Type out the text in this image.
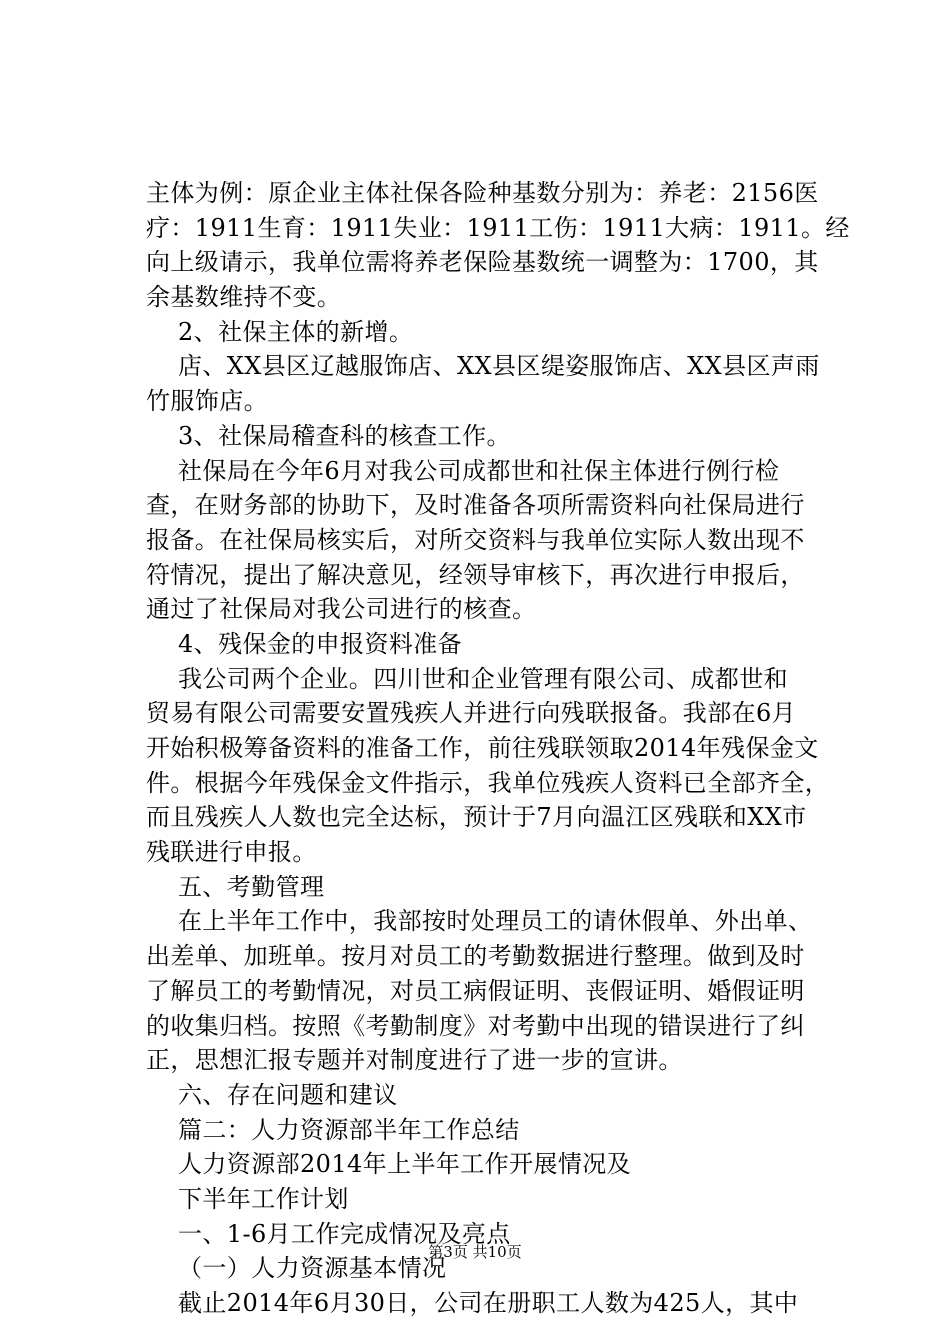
主体为例：原企业主体社保各险种基数分别为：养老：2156医
疗：1911生育：1911失业：1911工伤：1911大病：1911。经
向上级请示，我单位需将养老保险基数统一调整为：1700，其
余基数维持不变。
2、社保主体的新增。
店、XX县区辽越服饰店、XX县区缇姿服饰店、XX县区声雨
竹服饰店。
3、社保局稽查科的核查工作。
社保局在今年6月对我公司成都世和社保主体进行例行检
查，在财务部的协助下，及时准备各项所需资料向社保局进行
报备。在社保局核实后，对所交资料与我单位实际人数出现不
符情况，提出了解决意见，经领导审核下，再次进行申报后，
通过了社保局对我公司进行的核查。
4、残保金的申报资料准备
我公司两个企业。四川世和企业管理有限公司、成都世和
贸易有限公司需要安置残疾人并进行向残联报备。我部在6月
开始积极筹备资料的准备工作，前往残联领取2014年残保金文
件。根据今年残保金文件指示，我单位残疾人资料已全部齐全，
而且残疾人人数也完全达标，预计于7月向温江区残联和XX市
残联进行申报。
五、考勤管理
在上半年工作中，我部按时处理员工的请休假单、外出单、
出差单、加班单。按月对员工的考勤数据进行整理。做到及时
了解员工的考勤情况，对员工病假证明、丧假证明、婚假证明
的收集归档。按照《考勤制度》对考勤中出现的错误进行了纠
正，思想汇报专题并对制度进行了进一步的宣讲。
六、存在问题和建议
篇二：人力资源部半年工作总结
人力资源部2014年上半年工作开展情况及
下半年工作计划
一、1-6月工作完成情况及亮点
（一）人力资源基本情况
截止2014年6月30日，公司在册职工人数为425人，其中
第3页 共10页
